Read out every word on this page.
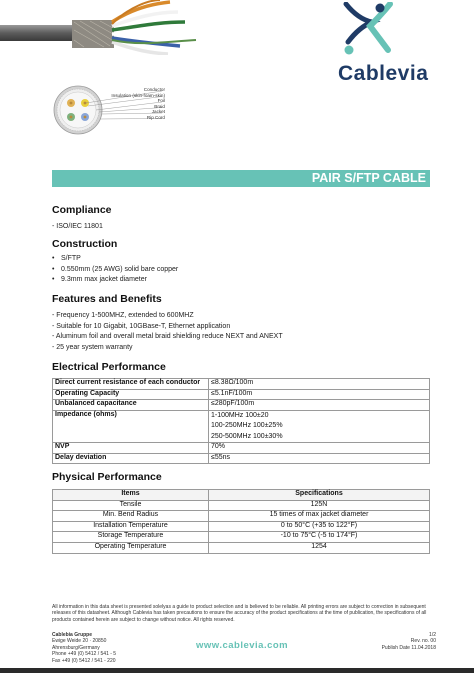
Conductor
Insulation (skin-foam-skin)
Foil
Braid
Jacket
Rip Cord
Cablevia
PAIR S/FTP CABLE
Compliance
- ISO/IEC 11801
Construction
• S/FTP
• 0.550mm (25 AWG) solid bare copper
• 9.3mm max jacket diameter
Features and Benefits
- Frequency 1-500MHZ, extended to 600MHZ
- Suitable for 10 Gigabit, 10GBase-T, Ethernet application
- Aluminum foil and overall metal braid shielding reduce NEXT and ANEXT
- 25 year system warranty
Electrical Performance
Direct current resistance of each conductor	≤8.38Ω/100m
Operating Capacity	≤5.1nF/100m
Unbalanced capacitance	≤280pF/100m
Impedance (ohms)	1-100MHz 100±20
100-250MHz 100±25%
250-500MHz 100±30%

NVP	70%
Delay deviation	≤55ns
Physical Performance
Items	Specifications
Tensile	125N
Min. Bend Radius	15 times of max jacket diameter
Installation Temperature	0 to 50°C (+35 to 122°F)
Storage Temperature	-10 to 75°C (-5 to 174°F)
Operating Temperature	1254
All information in this data sheet is presented solelyas a guide to product selection and is believed to be reliable. All printing errors are subject to correction in subsequent releases of this datasheet. Although Cablevia has taken precautions to ensure the accuracy of the product specifications at the time of publication, the specifications of all products contained herein are subject to change without notice. All rights reserved.
Cablebia Gruppe
Ewige Weide 20 · 20850
Ahrensburg/Germany
Phone +49 (0) 5412 / 541 - 5
Fax +49 (0) 5412 / 541 - 220
www.cablevia.com
1/2
Rev. no. 00
Publish Date 11.04.2018
